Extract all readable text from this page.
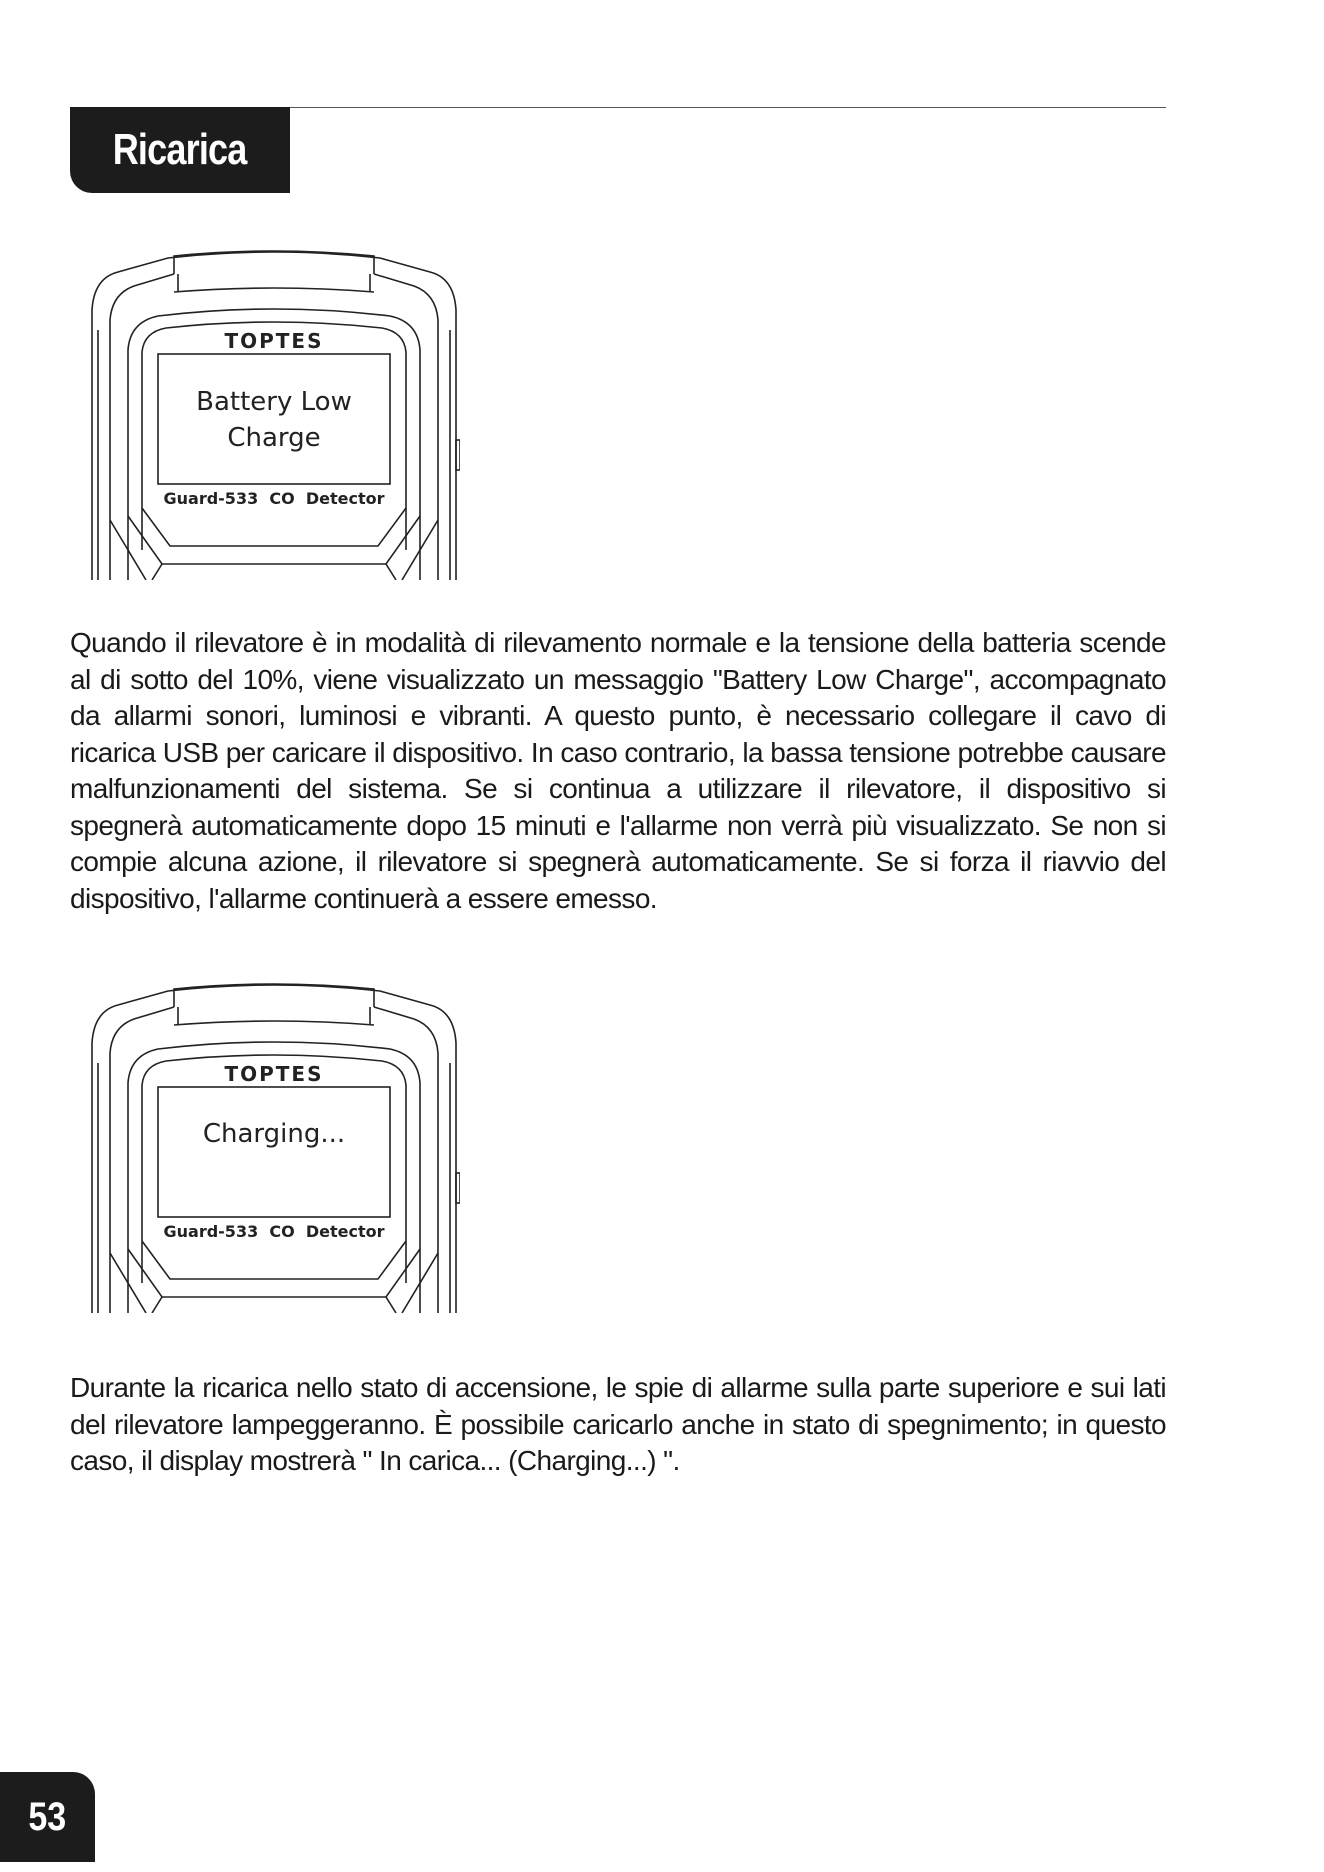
Ricarica
TOPTES
Battery Low
Charge
Guard-533  CO  Detector

Quando il rilevatore è in modalità di rilevamento normale e la tensione della batteria scende al di sotto del 10%, viene visualizzato un messaggio "Battery Low Charge", accompagnato da allarmi sonori, luminosi e vibranti. A questo punto, è necessario collegare il cavo di ricarica USB per caricare il dispositivo. In caso contrario, la bassa tensione potrebbe causare malfunzionamenti del sistema. Se si continua a utilizzare il rilevatore, il dispositivo si spegnerà automaticamente dopo 15 minuti e l'allarme non verrà più visualizzato. Se non si compie alcuna azione, il rilevatore si spegnerà automaticamente. Se si forza il riavvio del dispositivo, l'allarme continuerà a essere emesso.

TOPTES
Charging...
Guard-533  CO  Detector

Durante la ricarica nello stato di accensione, le spie di allarme sulla parte superiore e sui lati del rilevatore lampeggeranno. È possibile caricarlo anche in stato di spegnimento; in questo caso, il display mostrerà " In carica... (Charging...) ".

53
